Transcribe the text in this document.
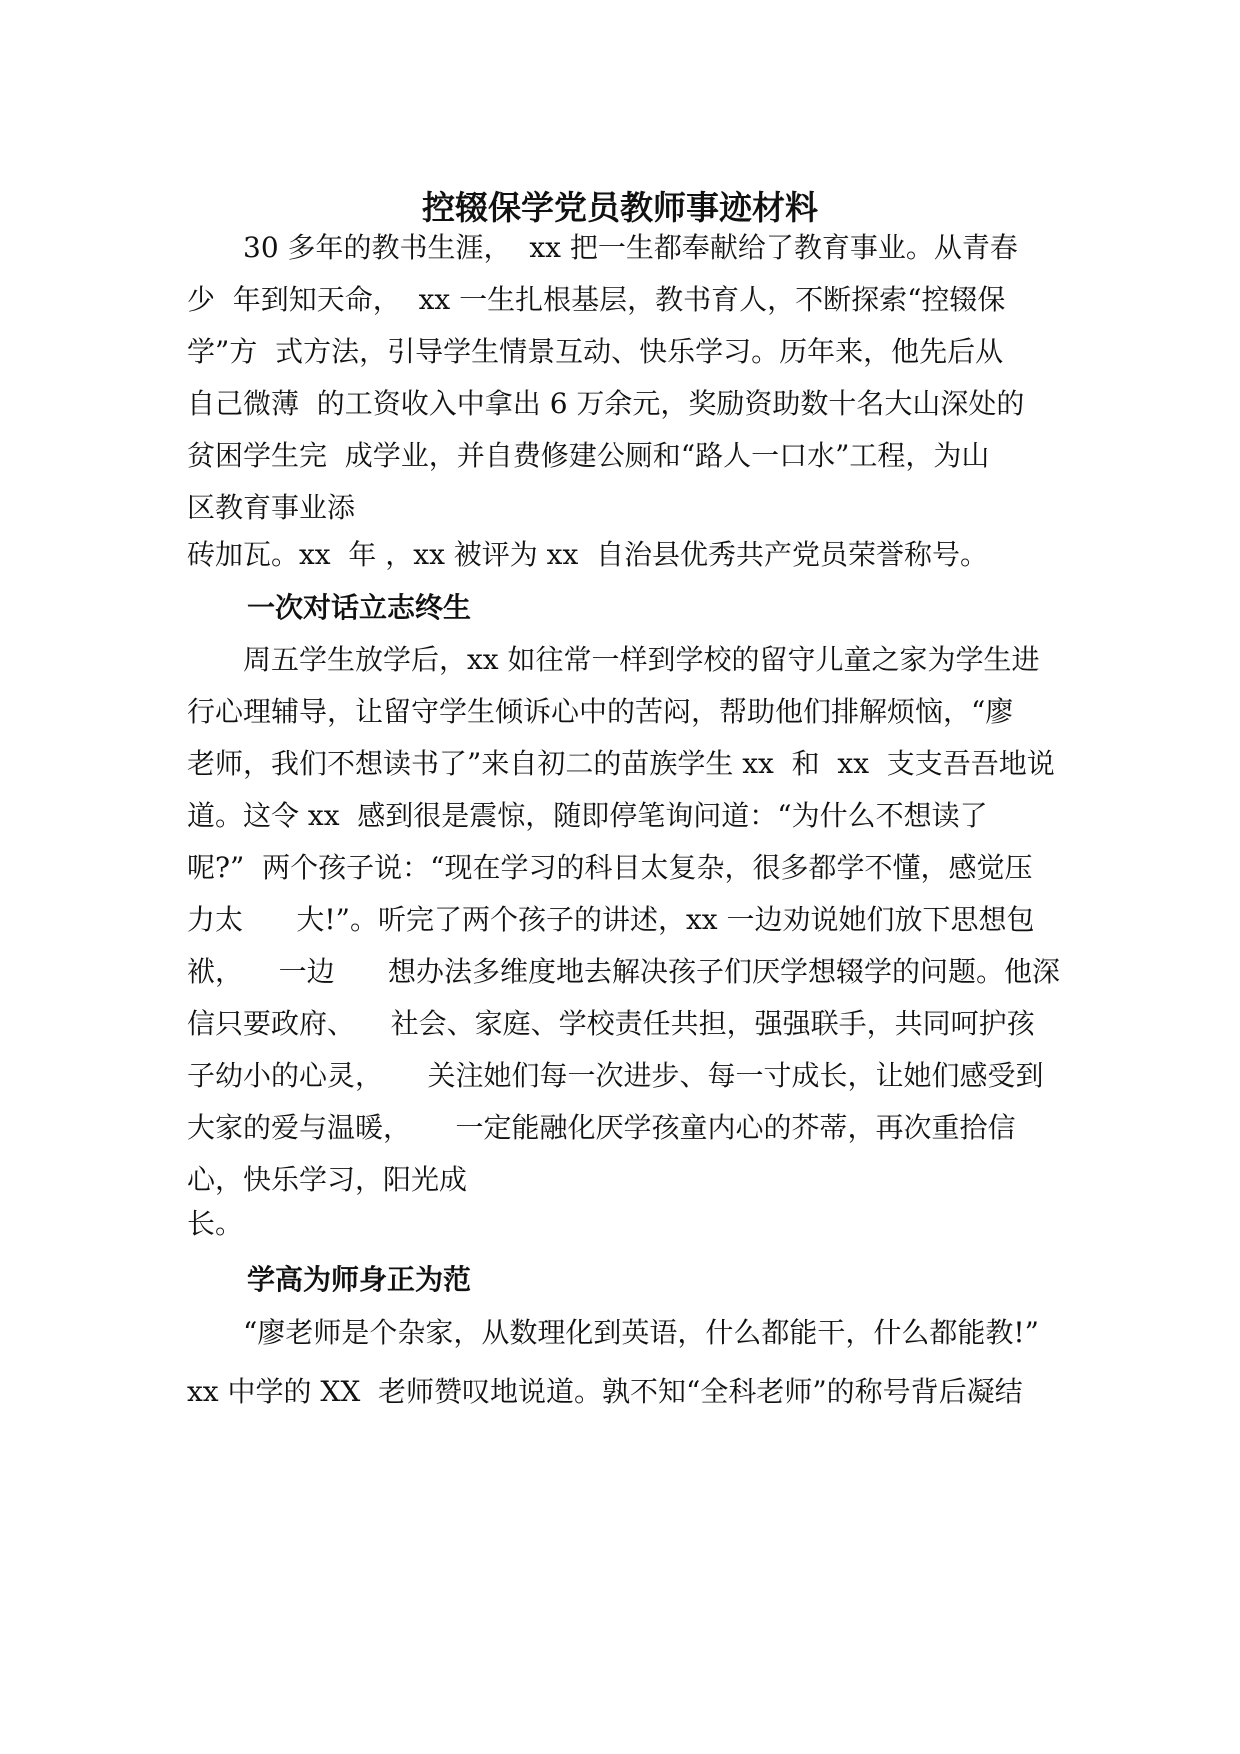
控辍保学党员教师事迹材料
30 多年的教书生涯，  xx 把一生都奉献给了教育事业。从青春
少  年到知天命，  xx 一生扎根基层，教书育人，不断探索“控辍保
学”方  式方法，引导学生情景互动、快乐学习。历年来，他先后从
自己微薄  的工资收入中拿出 6 万余元，奖励资助数十名大山深处的
贫困学生完  成学业，并自费修建公厕和“路人一口水”工程，为山
区教育事业添
砖加瓦。xx  年 ，xx 被评为 xx  自治县优秀共产党员荣誉称号。
一次对话立志终生
周五学生放学后，xx 如往常一样到学校的留守儿童之家为学生进
行心理辅导，让留守学生倾诉心中的苦闷，帮助他们排解烦恼，“廖
老师，我们不想读书了”来自初二的苗族学生 xx  和  xx  支支吾吾地说
道。这令 xx  感到很是震惊，随即停笔询问道：“为什么不想读了
呢?”  两个孩子说：“现在学习的科目太复杂，很多都学不懂，感觉压
力太      大!”。听完了两个孩子的讲述，xx 一边劝说她们放下思想包
袱，    一边      想办法多维度地去解决孩子们厌学想辍学的问题。他深
信只要政府、    社会、家庭、学校责任共担，强强联手，共同呵护孩
子幼小的心灵，     关注她们每一次进步、每一寸成长，让她们感受到
大家的爱与温暖，     一定能融化厌学孩童内心的芥蒂，再次重拾信
心，快乐学习，阳光成
长。
学高为师身正为范
“廖老师是个杂家，从数理化到英语，什么都能干，什么都能教!”
xx 中学的 XX  老师赞叹地说道。孰不知“全科老师”的称号背后凝结
